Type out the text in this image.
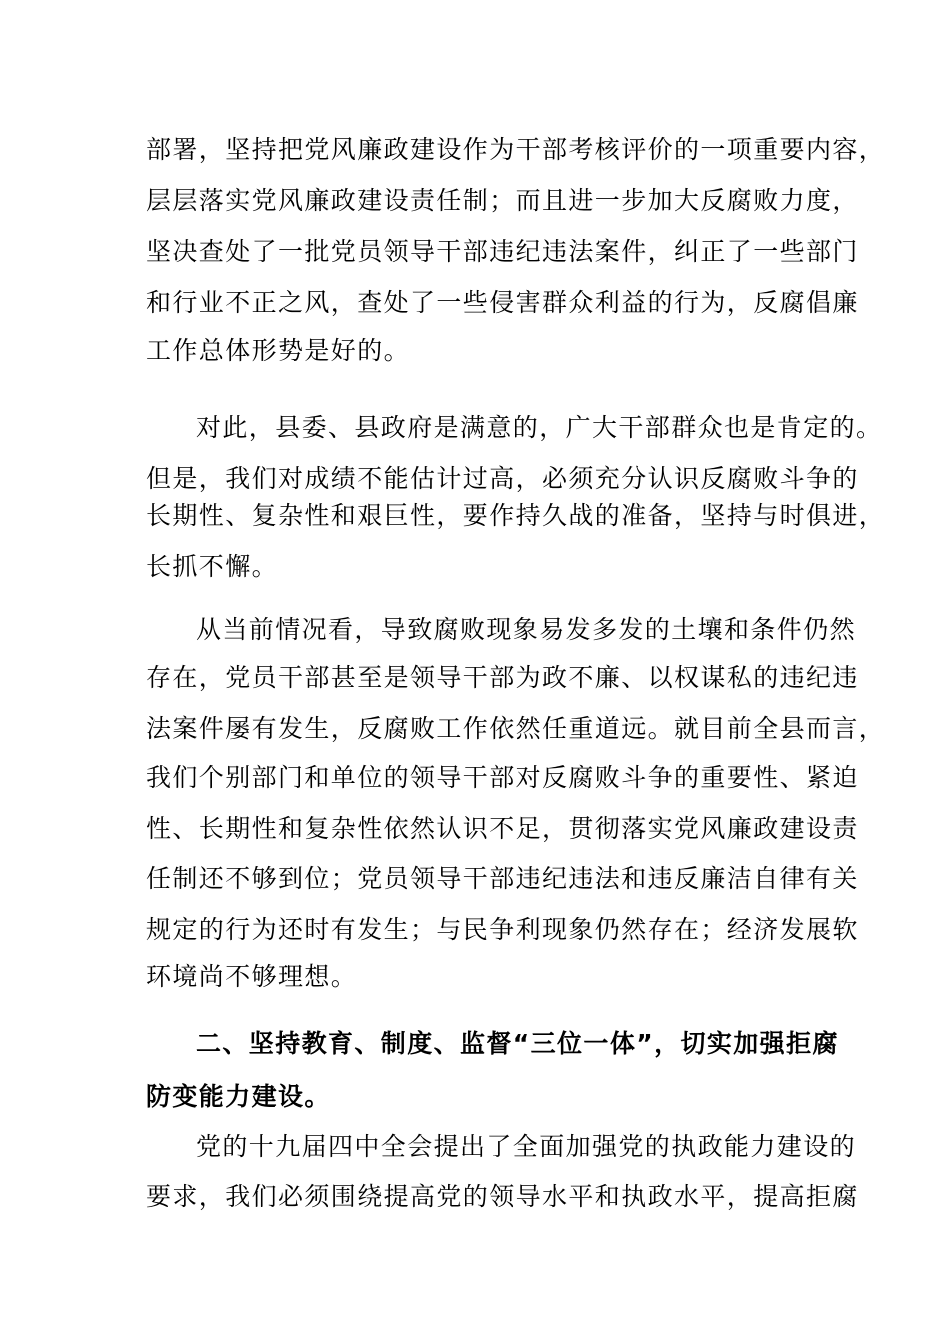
部署，坚持把党风廉政建设作为干部考核评价的一项重要内容，
层层落实党风廉政建设责任制；而且进一步加大反腐败力度，
坚决查处了一批党员领导干部违纪违法案件，纠正了一些部门
和行业不正之风，查处了一些侵害群众利益的行为，反腐倡廉
工作总体形势是好的。
对此，县委、县政府是满意的，广大干部群众也是肯定的。
但是，我们对成绩不能估计过高，必须充分认识反腐败斗争的
长期性、复杂性和艰巨性，要作持久战的准备，坚持与时俱进，
长抓不懈。
从当前情况看，导致腐败现象易发多发的土壤和条件仍然
存在，党员干部甚至是领导干部为政不廉、以权谋私的违纪违
法案件屡有发生，反腐败工作依然任重道远。就目前全县而言，
我们个别部门和单位的领导干部对反腐败斗争的重要性、紧迫
性、长期性和复杂性依然认识不足，贯彻落实党风廉政建设责
任制还不够到位；党员领导干部违纪违法和违反廉洁自律有关
规定的行为还时有发生；与民争利现象仍然存在；经济发展软
环境尚不够理想。
二、坚持教育、制度、监督“三位一体”，切实加强拒腐
防变能力建设。
党的十九届四中全会提出了全面加强党的执政能力建设的
要求，我们必须围绕提高党的领导水平和执政水平，提高拒腐
